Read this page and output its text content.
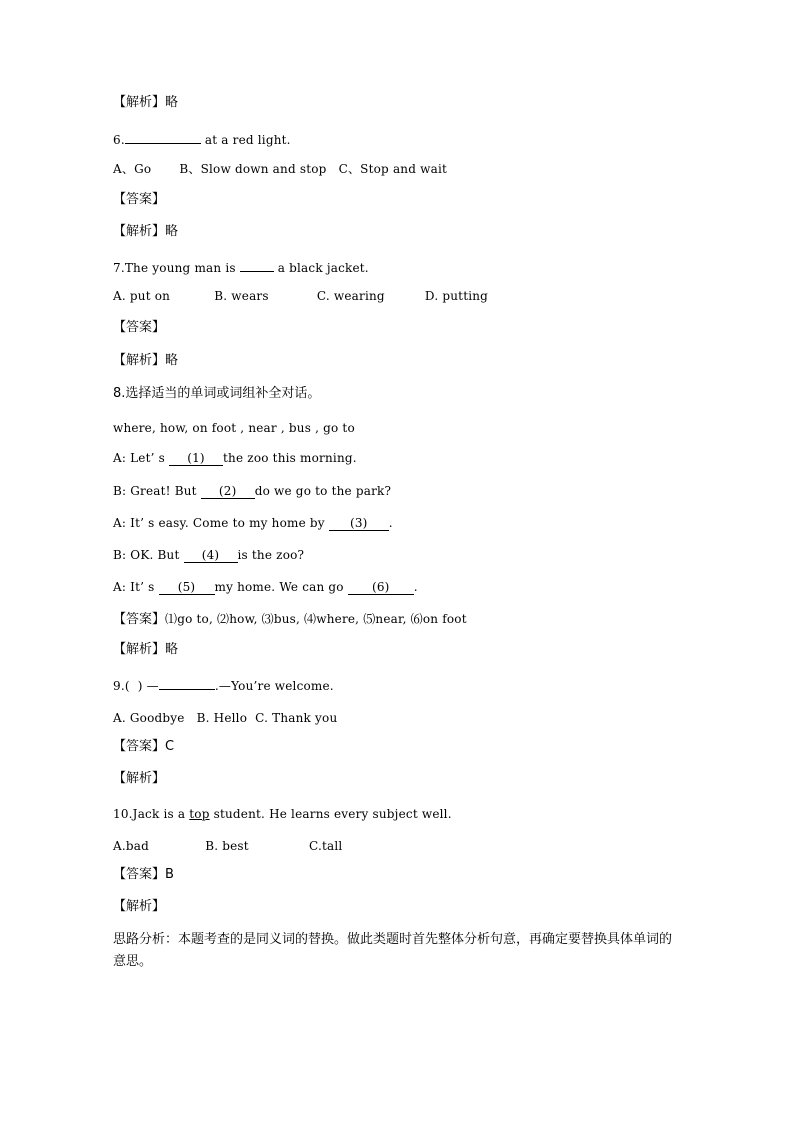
【解析】略
6.	at a red light.
A、Go       B、Slow down and stop   C、Stop and wait
【答案】
【解析】略
7.The young man is	a black jacket.
A. put on           B. wears            C. wearing          D. putting
【答案】
【解析】略
8.选择适当的单词或词组补全对话。
where, how, on foot , near , bus , go to
A: Let’ s (1) the zoo this morning.
B: Great! But (2) do we go to the park?
A: It’ s easy. Come to my home by (3) .
B: OK. But (4) is the zoo?
A: It’ s (5) my home. We can go (6) .
【答案】⑴go to, ⑵how, ⑶bus, ⑷where, ⑸near, ⑹on foot
【解析】略
9.(  ) —	.—You’re welcome.
A. Goodbye   B. Hello  C. Thank you
【答案】C
【解析】
10.Jack is a top student. He learns every subject well.
A.bad              B. best               C.tall
【答案】B
【解析】
思路分析：本题考查的是同义词的替换。做此类题时首先整体分析句意，再确定要替换具体单词的意思。
